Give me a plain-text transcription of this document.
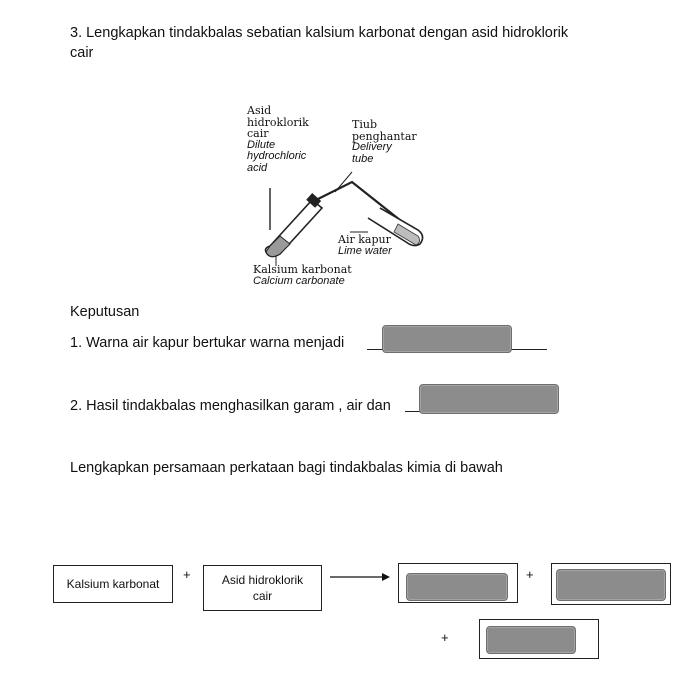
3. Lengkapkan tindakbalas sebatian kalsium karbonat dengan asid hidroklorik
cair
Asid
hidroklorik
cair
Dilute
hydrochloric
acid
Tiub
penghantar
Delivery
tube
Air kapur
Lime water
Kalsium karbonat
Calcium carbonate
Keputusan
1. Warna air kapur bertukar warna menjadi
2. Hasil tindakbalas menghasilkan garam , air dan
Lengkapkan persamaan perkataan bagi tindakbalas kimia di bawah
Kalsium karbonat
+	Asid hidroklorik
cair
+
+
